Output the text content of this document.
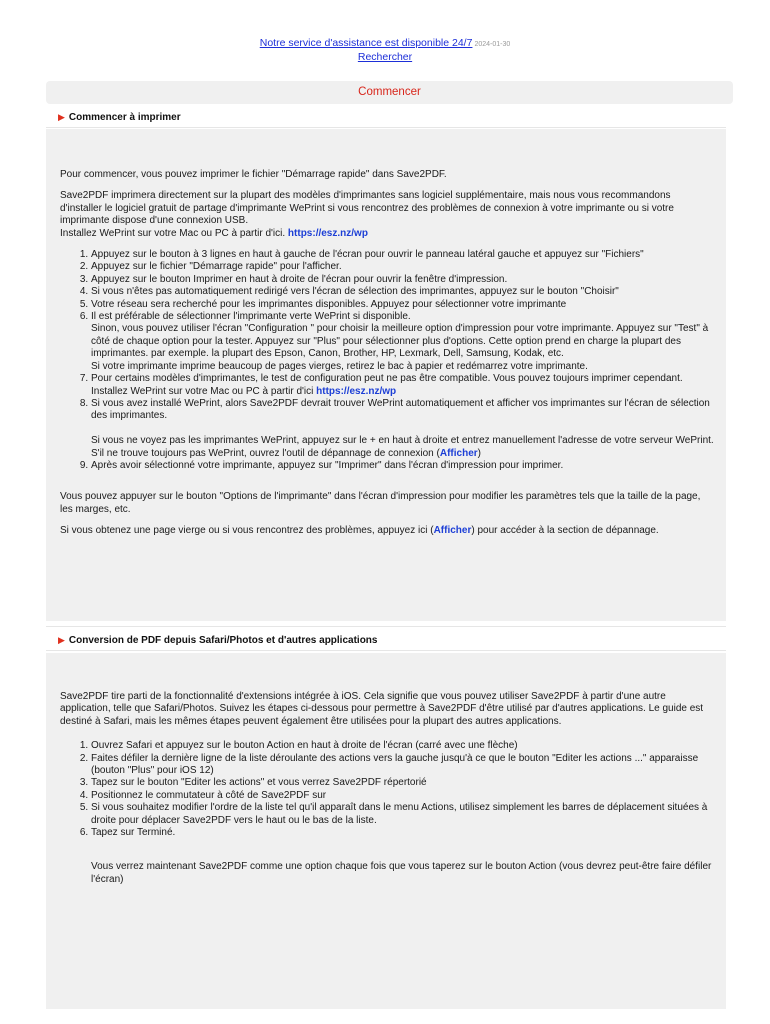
Notre service d'assistance est disponible 24/7 2024-01-30
Rechercher
Commencer
▶ Commencer à imprimer

Pour commencer, vous pouvez imprimer le fichier "Démarrage rapide" dans Save2PDF.

Save2PDF imprimera directement sur la plupart des modèles d'imprimantes sans logiciel supplémentaire, mais nous vous recommandons d'installer le logiciel gratuit de partage d'imprimante WePrint si vous rencontrez des problèmes de connexion à votre imprimante ou si votre imprimante dispose d'une connexion USB.
Installez WePrint sur votre Mac ou PC à partir d'ici. https://esz.nz/wp

1. Appuyez sur le bouton à 3 lignes en haut à gauche de l'écran pour ouvrir le panneau latéral gauche et appuyez sur "Fichiers"
2. Appuyez sur le fichier "Démarrage rapide" pour l'afficher.
3. Appuyez sur le bouton Imprimer en haut à droite de l'écran pour ouvrir la fenêtre d'impression.
4. Si vous n'êtes pas automatiquement redirigé vers l'écran de sélection des imprimantes, appuyez sur le bouton "Choisir"
5. Votre réseau sera recherché pour les imprimantes disponibles. Appuyez pour sélectionner votre imprimante
6. Il est préférable de sélectionner l'imprimante verte WePrint si disponible.
Sinon, vous pouvez utiliser l'écran "Configuration " pour choisir la meilleure option d'impression pour votre imprimante. Appuyez sur "Test" à côté de chaque option pour la tester. Appuyez sur "Plus" pour sélectionner plus d'options. Cette option prend en charge la plupart des imprimantes. par exemple. la plupart des Epson, Canon, Brother, HP, Lexmark, Dell, Samsung, Kodak, etc.
Si votre imprimante imprime beaucoup de pages vierges, retirez le bac à papier et redémarrez votre imprimante.
7. Pour certains modèles d'imprimantes, le test de configuration peut ne pas être compatible. Vous pouvez toujours imprimer cependant. Installez WePrint sur votre Mac ou PC à partir d'ici https://esz.nz/wp
8. Si vous avez installé WePrint, alors Save2PDF devrait trouver WePrint automatiquement et afficher vos imprimantes sur l'écran de sélection des imprimantes.

Si vous ne voyez pas les imprimantes WePrint, appuyez sur le + en haut à droite et entrez manuellement l'adresse de votre serveur WePrint. S'il ne trouve toujours pas WePrint, ouvrez l'outil de dépannage de connexion (Afficher)
9. Après avoir sélectionné votre imprimante, appuyez sur "Imprimer" dans l'écran d'impression pour imprimer.

Vous pouvez appuyer sur le bouton "Options de l'imprimante" dans l'écran d'impression pour modifier les paramètres tels que la taille de la page, les marges, etc.

Si vous obtenez une page vierge ou si vous rencontrez des problèmes, appuyez ici (Afficher) pour accéder à la section de dépannage.

▶ Conversion de PDF depuis Safari/Photos et d'autres applications

Save2PDF tire parti de la fonctionnalité d'extensions intégrée à iOS. Cela signifie que vous pouvez utiliser Save2PDF à partir d'une autre application, telle que Safari/Photos. Suivez les étapes ci-dessous pour permettre à Save2PDF d'être utilisé par d'autres applications. Le guide est destiné à Safari, mais les mêmes étapes peuvent également être utilisées pour la plupart des autres applications.

1. Ouvrez Safari et appuyez sur le bouton Action en haut à droite de l'écran (carré avec une flèche)
2. Faites défiler la dernière ligne de la liste déroulante des actions vers la gauche jusqu'à ce que le bouton "Editer les actions ..." apparaisse (bouton "Plus" pour iOS 12)
3. Tapez sur le bouton "Editer les actions" et vous verrez Save2PDF répertorié
4. Positionnez le commutateur à côté de Save2PDF sur
5. Si vous souhaitez modifier l'ordre de la liste tel qu'il apparaît dans le menu Actions, utilisez simplement les barres de déplacement situées à droite pour déplacer Save2PDF vers le haut ou le bas de la liste.
6. Tapez sur Terminé.

Vous verrez maintenant Save2PDF comme une option chaque fois que vous taperez sur le bouton Action (vous devrez peut-être faire défiler l'écran)
